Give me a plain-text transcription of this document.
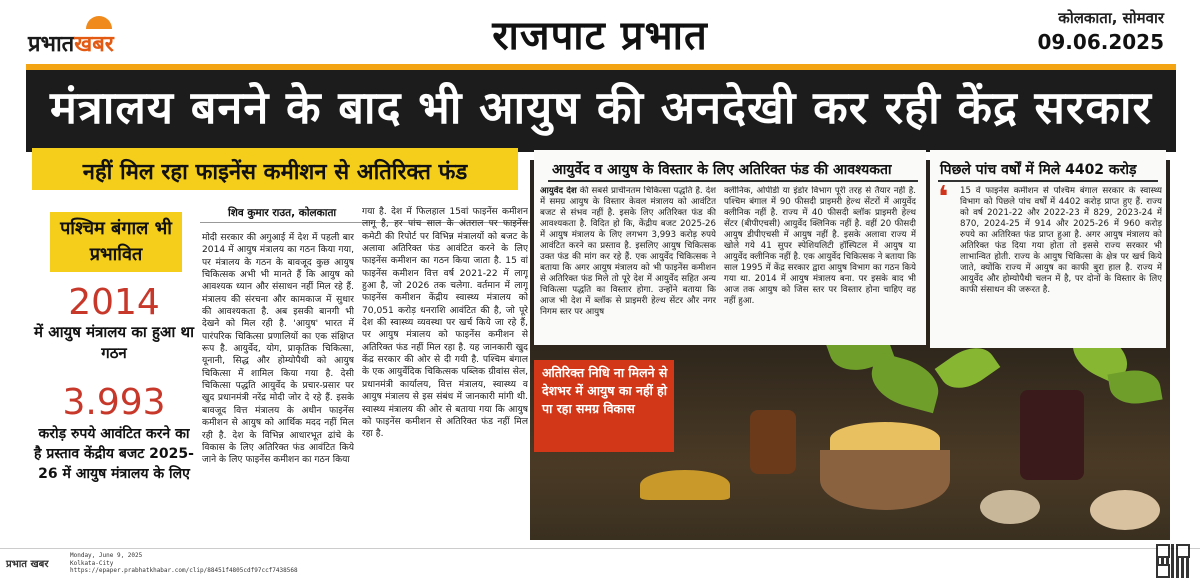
प्रभातखबर	राजपाट प्रभात	कोलकाता, सोमवार
09.06.2025
मंत्रालय बनने के बाद भी आयुष की अनदेखी कर रही केंद्र सरकार
नहीं मिल रहा फाइनेंस कमीशन से अतिरिक्त फंड	आयुर्वेद व आयुष के विस्तार के लिए अतिरिक्त फंड की आवश्यकता
आयुर्वेद देश की सबसे प्राचीनतम चिकित्सा पद्धति है. देश में समग्र आयुष के विस्तार केवल मंत्रालय को आवंटित बजट से संभव नहीं है. इसके लिए अतिरिक्त फंड की आवश्यकता है. विदित हो कि, केंद्रीय बजट 2025-26 में आयुष मंत्रालय के लिए लगभग 3,993 करोड़ रुपये आवंटित करने का प्रस्ताव है. इसलिए आयुष चिकित्सक उक्त फंड की मांग कर रहे हैं. एक आयुर्वेद चिकित्सक ने बताया कि अगर आयुष मंत्रालय को भी फाइनेंस कमीशन से अतिरिक्त फंड मिले तो पूरे देश में आयुर्वेद सहित अन्य चिकित्सा पद्धति का विस्तार होगा. उन्होंने बताया कि आज भी देश में ब्लॉक से प्राइमरी हेल्थ सेंटर और नगर निगम स्तर पर आयुष
क्लीनिक, ओपीडी या इंडोर विभाग पूरी तरह से तैयार नहीं है. पश्चिम बंगाल में 90 फीसदी प्राइमरी हेल्थ सेंटरों में आयुर्वेद क्लीनिक नहीं है. राज्य में 40 फीसदी ब्लॉक प्राइमरी हेल्थ सेंटर (बीपीएचसी) आयुर्वेद क्लिनिक नहीं है. वहीं 20 फीसदी आयुष डीपीएचसी में आयुष नहीं है. इसके अलावा राज्य में खोले गये 41 सुपर स्पेशियलिटी हॉस्पिटल में आयुष या आयुर्वेद क्लीनिक नहीं है. एक आयुर्वेद चिकित्सक ने बताया कि साल 1995 में केंद्र सरकार द्वारा आयुष विभाग का गठन किये गया था. 2014 में आयुष मंत्रालय बना. पर इसके बाद भी आज तक आयुष को जिस स्तर पर विस्तार होना चाहिए वह नहीं हुआ.
पिछले पांच वर्षों में मिले 4402 करोड़
❛ 15 वें फाइनेंस कमीशन से पश्चिम बंगाल सरकार के स्वास्थ्य विभाग को पिछले पांच वर्षों में 4402 करोड़ प्राप्त हुए हैं. राज्य को वर्ष 2021-22 और 2022-23 में 829, 2023-24 में 870, 2024-25 में 914 और 2025-26 में 960 करोड़ रुपये का अतिरिक्त फंड प्राप्त हुआ है. अगर आयुष मंत्रालय को अतिरिक्त फंड दिया गया होता तो इससे राज्य सरकार भी लाभान्वित होती. राज्य के आयुष चिकित्सा के क्षेत्र पर खर्च किये जाते, क्योंकि राज्य में आयुष का काफी बुरा हाल है. राज्य में आयुर्वेद और होम्योपैथी चलन में है, पर दोनों के विस्तार के लिए काफी संसाधन की जरूरत है.
अतिरिक्त निधि ना मिलने से देशभर में आयुष का नहीं हो पा रहा समग्र विकास
पश्चिम बंगाल भी प्रभावित
2014
में आयुष मंत्रालय का हुआ था गठन
3.993
करोड़ रुपये आवंटित करने का है प्रस्ताव केंद्रीय बजट 2025-26 में आयुष मंत्रालय के लिए
शिव कुमार राउत, कोलकाता
मोदी सरकार की अगुआई में देश में पहली बार 2014 में आयुष मंत्रालय का गठन किया गया, पर मंत्रालय के गठन के बावजूद कुछ आयुष चिकित्सक अभी भी मानते हैं कि आयुष को आवश्यक ध्यान और संसाधन नहीं मिल रहे हैं. मंत्रालय की संरचना और कामकाज में सुधार की आवश्यकता है. अब इसकी बानगी भी देखने को मिल रही है. 'आयुष' भारत में पारंपरिक चिकित्सा प्रणालियों का एक संक्षिप्त रूप है. आयुर्वेद, योग, प्राकृतिक चिकित्सा, यूनानी, सिद्ध और होम्योपैथी को आयुष चिकित्सा में शामिल किया गया है. देसी चिकित्सा पद्धति आयुर्वेद के प्रचार-प्रसार पर खुद प्रधानमंत्री नरेंद्र मोदी जोर दे रहे हैं. इसके बावजूद वित्त मंत्रालय के अधीन फाइनेंस कमीशन से आयुष को आर्थिक मदद नहीं मिल रही है. देश के विभिन्न आधारभूत ढांचे के विकास के लिए अतिरिक्त फंड आवंटित किये जाने के लिए फाइनेंस कमीशन का गठन किया
गया है. देश में फिलहाल 15वां फाइनेंस कमीशन लागू है, हर पांच साल के अंतराल पर फाइनेंस कमेटी की रिपोर्ट पर विभिन्न मंत्रालयों को बजट के अलावा अतिरिक्त फंड आवंटित करने के लिए फाइनेंस कमीशन का गठन किया जाता है. 15 वां फाइनेंस कमीशन वित्त वर्ष 2021-22 में लागू हुआ है, जो 2026 तक चलेगा. वर्तमान में लागू फाइनेंस कमीशन केंद्रीय स्वास्थ्य मंत्रालय को 70,051 करोड़ धनराशि आवंटित की है, जो पूरे देश की स्वास्थ्य व्यवस्था पर खर्च किये जा रहे हैं, पर आयुष मंत्रालय को फाइनेंस कमीशन से अतिरिक्त फंड नहीं मिल रहा है. यह जानकारी खुद केंद्र सरकार की ओर से दी गयी है. पश्चिम बंगाल के एक आयुर्वेदिक चिकित्सक पब्लिक ग्रीवांस सेल, प्रधानमंत्री कार्यालय, वित्त मंत्रालय, स्वास्थ्य व आयुष मंत्रालय से इस संबंध में जानकारी मांगी थी. स्वास्थ्य मंत्रालय की ओर से बताया गया कि आयुष को फाइनेंस कमीशन से अतिरिक्त फंड नहीं मिल रहा है.
प्रभात खबर
Monday, June 9, 2025
Kolkata-City
https://epaper.prabhatkhabar.com/clip/88451f4805cdf97ccf7438568
